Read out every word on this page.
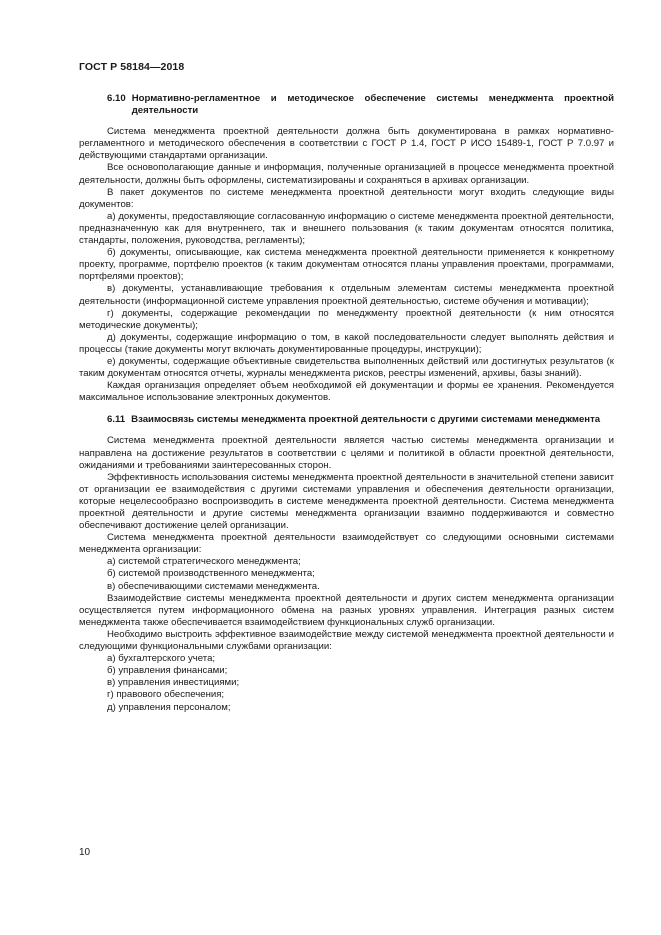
ГОСТ Р 58184—2018
6.10 Нормативно-регламентное и методическое обеспечение системы менеджмента проектной деятельности

Система менеджмента проектной деятельности должна быть документирована в рамках нормативно-регламентного и методического обеспечения в соответствии с ГОСТ Р 1.4, ГОСТ Р ИСО 15489-1, ГОСТ Р 7.0.97 и действующими стандартами организации.

Все основополагающие данные и информация, полученные организацией в процессе менеджмента проектной деятельности, должны быть оформлены, систематизированы и сохраняться в архивах организации.

В пакет документов по системе менеджмента проектной деятельности могут входить следующие виды документов:

а) документы, предоставляющие согласованную информацию о системе менеджмента проектной деятельности, предназначенную как для внутреннего, так и внешнего пользования (к таким документам относятся политика, стандарты, положения, руководства, регламенты);

б) документы, описывающие, как система менеджмента проектной деятельности применяется к конкретному проекту, программе, портфелю проектов (к таким документам относятся планы управления проектами, программами, портфелями проектов);

в) документы, устанавливающие требования к отдельным элементам системы менеджмента проектной деятельности (информационной системе управления проектной деятельностью, системе обучения и мотивации);

г) документы, содержащие рекомендации по менеджменту проектной деятельности (к ним относятся методические документы);

д) документы, содержащие информацию о том, в какой последовательности следует выполнять действия и процессы (такие документы могут включать документированные процедуры, инструкции);

е) документы, содержащие объективные свидетельства выполненных действий или достигнутых результатов (к таким документам относятся отчеты, журналы менеджмента рисков, реестры изменений, архивы, базы знаний).

Каждая организация определяет объем необходимой ей документации и формы ее хранения. Рекомендуется максимальное использование электронных документов.

6.11 Взаимосвязь системы менеджмента проектной деятельности с другими системами менеджмента

Система менеджмента проектной деятельности является частью системы менеджмента организации и направлена на достижение результатов в соответствии с целями и политикой в области проектной деятельности, ожиданиями и требованиями заинтересованных сторон.

Эффективность использования системы менеджмента проектной деятельности в значительной степени зависит от организации ее взаимодействия с другими системами управления и обеспечения деятельности организации, которые нецелесообразно воспроизводить в системе менеджмента проектной деятельности. Система менеджмента проектной деятельности и другие системы менеджмента организации взаимно поддерживаются и совместно обеспечивают достижение целей организации.

Система менеджмента проектной деятельности взаимодействует со следующими основными системами менеджмента организации:

а) системой стратегического менеджмента;

б) системой производственного менеджмента;

в) обеспечивающими системами менеджмента.

Взаимодействие системы менеджмента проектной деятельности и других систем менеджмента организации осуществляется путем информационного обмена на разных уровнях управления. Интеграция разных систем менеджмента также обеспечивается взаимодействием функциональных служб организации.

Необходимо выстроить эффективное взаимодействие между системой менеджмента проектной деятельности и следующими функциональными службами организации:

а) бухгалтерского учета;

б) управления финансами;

в) управления инвестициями;

г) правового обеспечения;

д) управления персоналом;

10
